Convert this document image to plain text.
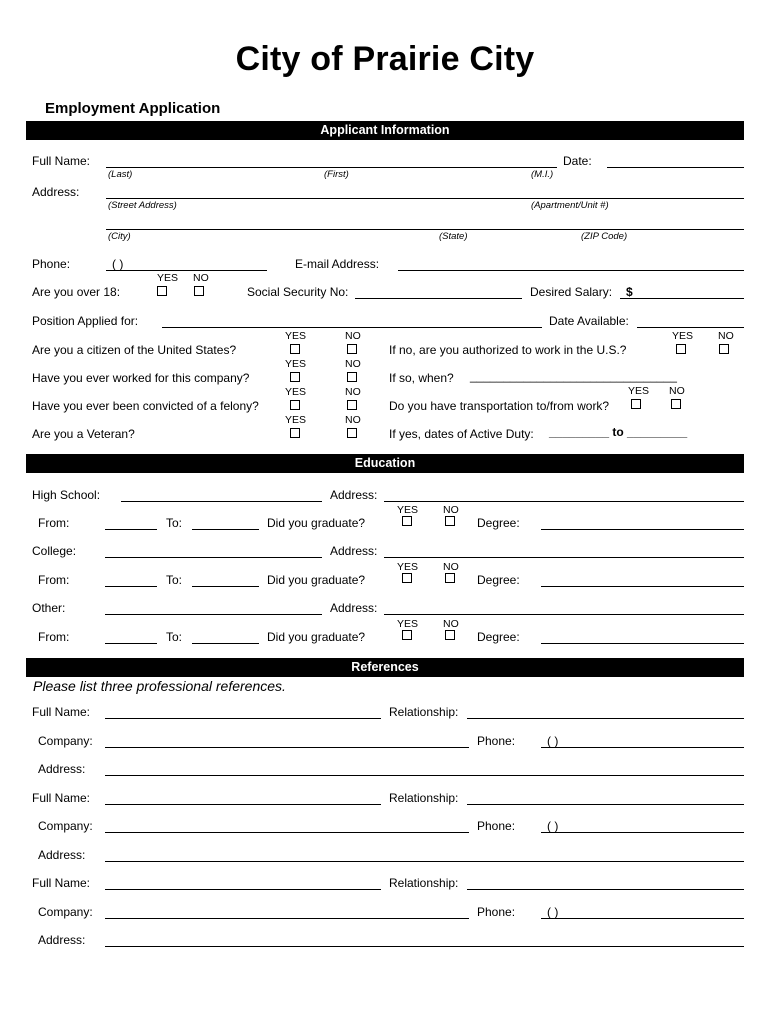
City of Prairie City
Employment Application
Applicant Information
Full Name:	Date:
(Last)	(First)	(M.I.)
Address:
(Street Address)	(Apartment/Unit #)
(City)	(State)	(ZIP Code)
Phone:	( )	E-mail Address:
YES NO
Are you over 18:	Social Security No:	Desired Salary: $
Position Applied for:	Date Available:
YES	NO	YES NO
Are you a citizen of the United States?	If no, are you authorized to work in the U.S.?
YES	NO
Have you ever worked for this company?	If so, when? _______________________________
YES	NO	YES NO
Have you ever been convicted of a felony?	Do you have transportation to/from work?
YES	NO
Are you a Veteran?	If yes, dates of Active Duty: _________ to _________
Education
High School:	Address:
YES NO
From:	To:	Did you graduate?	Degree:
College:	Address:
YES NO
From:	To:	Did you graduate?	Degree:
Other:	Address:
YES NO
From:	To:	Did you graduate?	Degree:
References
Please list three professional references.
Full Name:	Relationship:
Company:	Phone:	( )
Address:
Full Name:	Relationship:
Company:	Phone:	( )
Address:
Full Name:	Relationship:
Company:	Phone:	( )
Address:
